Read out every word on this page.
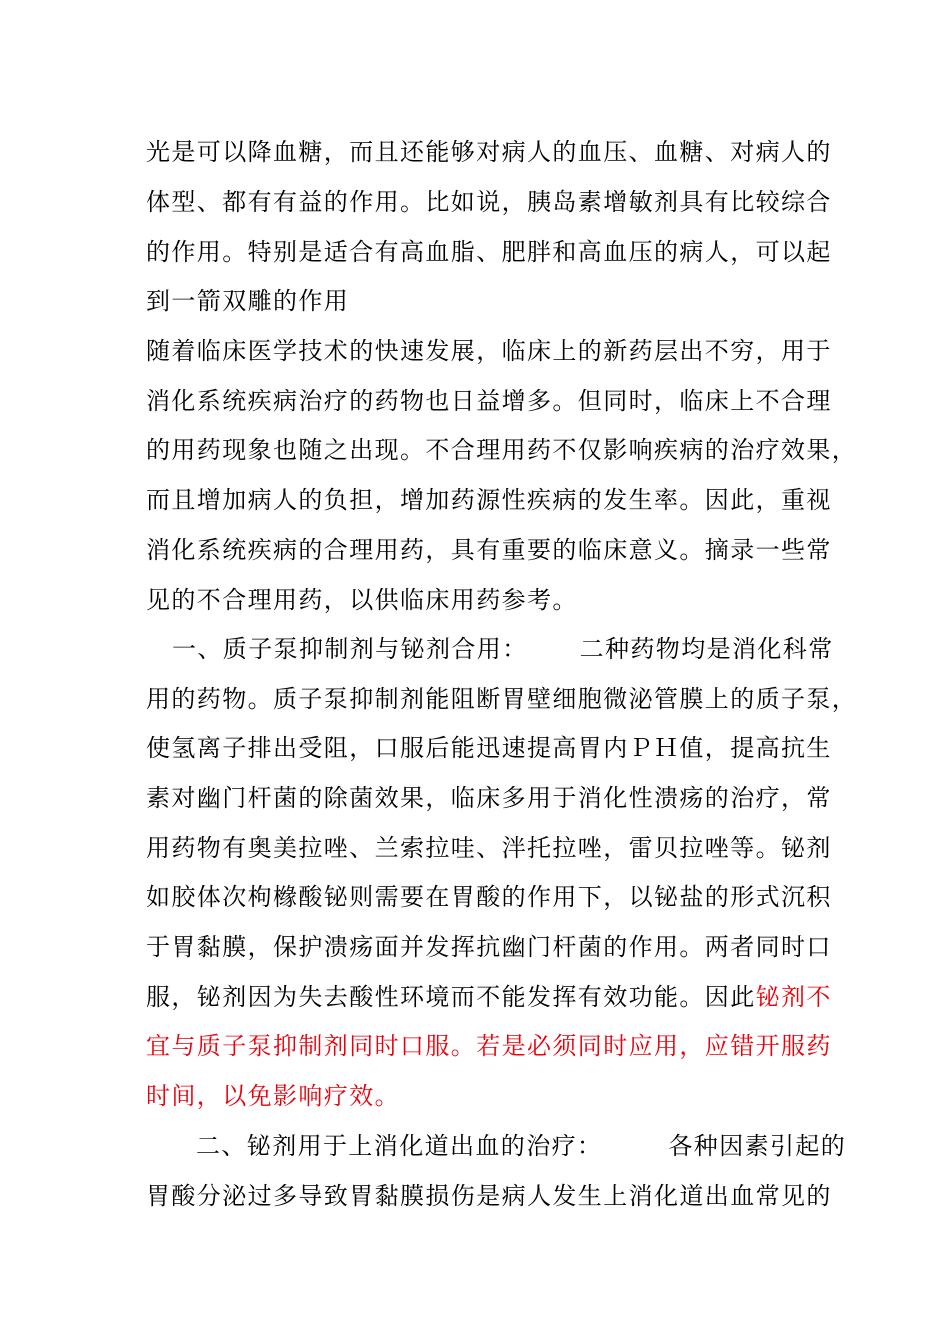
光是可以降血糖，而且还能够对病人的血压、血糖、对病人的
体型、都有有益的作用。比如说，胰岛素增敏剂具有比较综合
的作用。特别是适合有高血脂、肥胖和高血压的病人，可以起
到一箭双雕的作用
随着临床医学技术的快速发展，临床上的新药层出不穷，用于
消化系统疾病治疗的药物也日益增多。但同时，临床上不合理
的用药现象也随之出现。不合理用药不仅影响疾病的治疗效果，
而且增加病人的负担，增加药源性疾病的发生率。因此，重视
消化系统疾病的合理用药，具有重要的临床意义。摘录一些常
见的不合理用药，以供临床用药参考。
一、质子泵抑制剂与铋剂合用： 二种药物均是消化科常
用的药物。质子泵抑制剂能阻断胃壁细胞微泌管膜上的质子泵，
使氢离子排出受阻，口服后能迅速提高胃内ＰＨ值，提高抗生
素对幽门杆菌的除菌效果，临床多用于消化性溃疡的治疗，常
用药物有奥美拉唑、兰索拉哇、泮托拉唑，雷贝拉唑等。铋剂
如胶体次枸橼酸铋则需要在胃酸的作用下，以铋盐的形式沉积
于胃黏膜，保护溃疡面并发挥抗幽门杆菌的作用。两者同时口
服，铋剂因为失去酸性环境而不能发挥有效功能。因此铋剂不
宜与质子泵抑制剂同时口服。若是必须同时应用，应错开服药
时间，以免影响疗效。
二、铋剂用于上消化道出血的治疗：	各种因素引起的
胃酸分泌过多导致胃黏膜损伤是病人发生上消化道出血常见的
